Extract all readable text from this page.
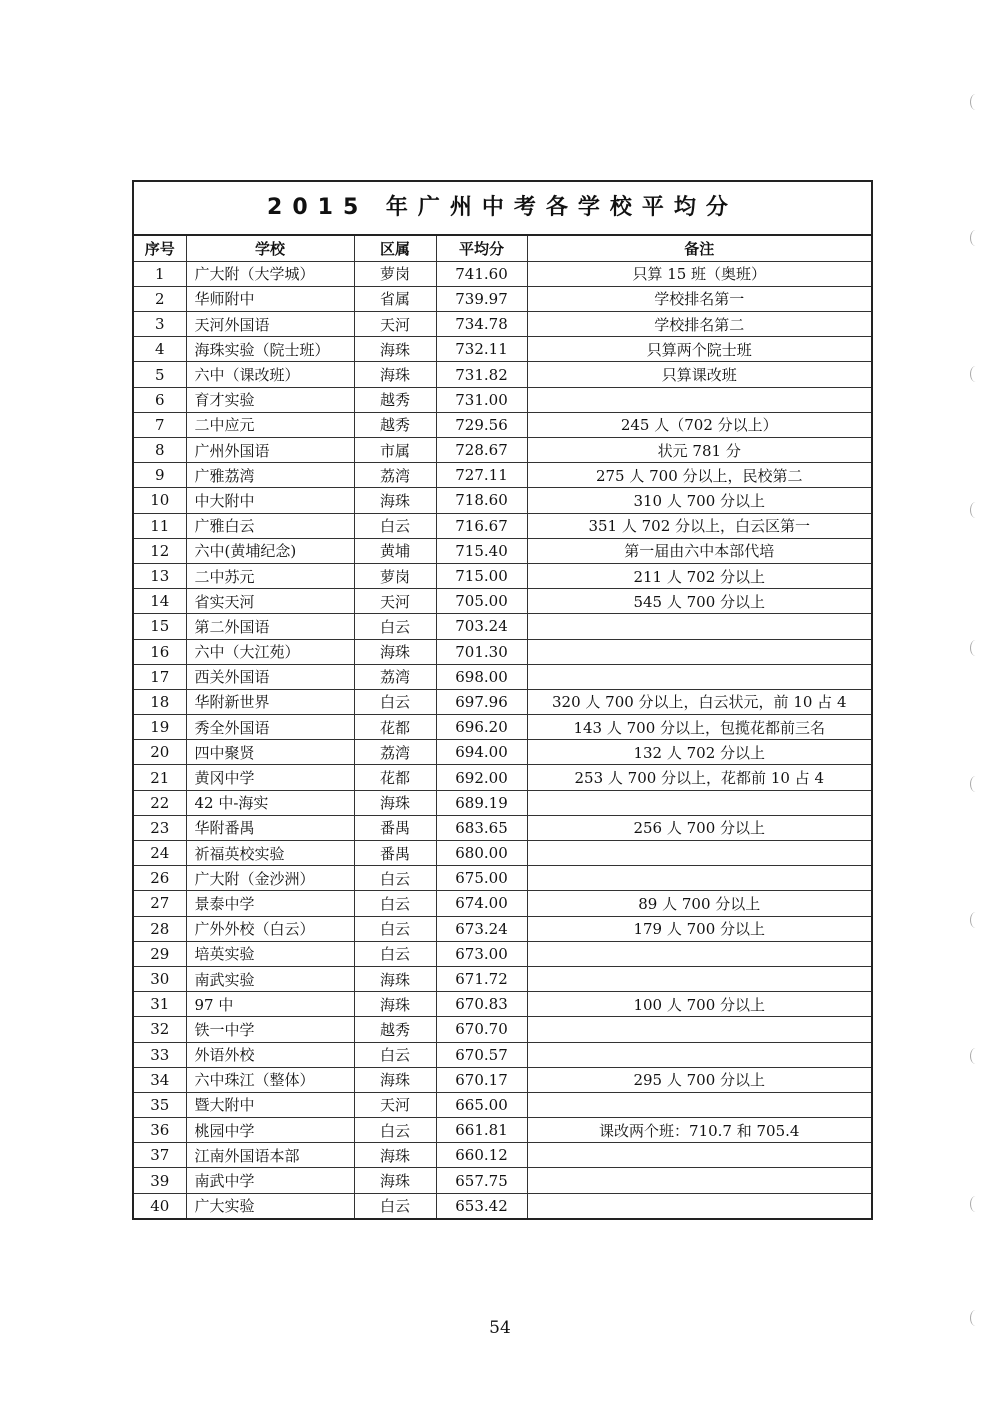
2015 年广州中考各学校平均分
序号	学校	区属	平均分	备注
1	广大附（大学城）	萝岗	741.60	只算 15 班（奥班）
2	华师附中	省属	739.97	学校排名第一
3	天河外国语	天河	734.78	学校排名第二
4	海珠实验（院士班）	海珠	732.11	只算两个院士班
5	六中（课改班）	海珠	731.82	只算课改班
6	育才实验	越秀	731.00	
7	二中应元	越秀	729.56	245 人（702 分以上）
8	广州外国语	市属	728.67	状元 781 分
9	广雅荔湾	荔湾	727.11	275 人 700 分以上，民校第二
10	中大附中	海珠	718.60	310 人 700 分以上
11	广雅白云	白云	716.67	351 人 702 分以上，白云区第一
12	六中(黄埔纪念)	黄埔	715.40	第一届由六中本部代培
13	二中苏元	萝岗	715.00	211 人 702 分以上
14	省实天河	天河	705.00	545 人 700 分以上
15	第二外国语	白云	703.24	
16	六中（大江苑）	海珠	701.30	
17	西关外国语	荔湾	698.00	
18	华附新世界	白云	697.96	320 人 700 分以上，白云状元，前 10 占 4
19	秀全外国语	花都	696.20	143 人 700 分以上，包揽花都前三名
20	四中聚贤	荔湾	694.00	132 人 702 分以上
21	黄冈中学	花都	692.00	253 人 700 分以上，花都前 10 占 4
22	42 中-海实	海珠	689.19	
23	华附番禺	番禺	683.65	256 人 700 分以上
24	祈福英校实验	番禺	680.00	
26	广大附（金沙洲）	白云	675.00	
27	景泰中学	白云	674.00	89 人 700 分以上
28	广外外校（白云）	白云	673.24	179 人 700 分以上
29	培英实验	白云	673.00	
30	南武实验	海珠	671.72	
31	97 中	海珠	670.83	100 人 700 分以上
32	铁一中学	越秀	670.70	
33	外语外校	白云	670.57	
34	六中珠江（整体）	海珠	670.17	295 人 700 分以上
35	暨大附中	天河	665.00	
36	桃园中学	白云	661.81	课改两个班：710.7 和 705.4
37	江南外国语本部	海珠	660.12	
39	南武中学	海珠	657.75	
40	广大实验	白云	653.42	
54
